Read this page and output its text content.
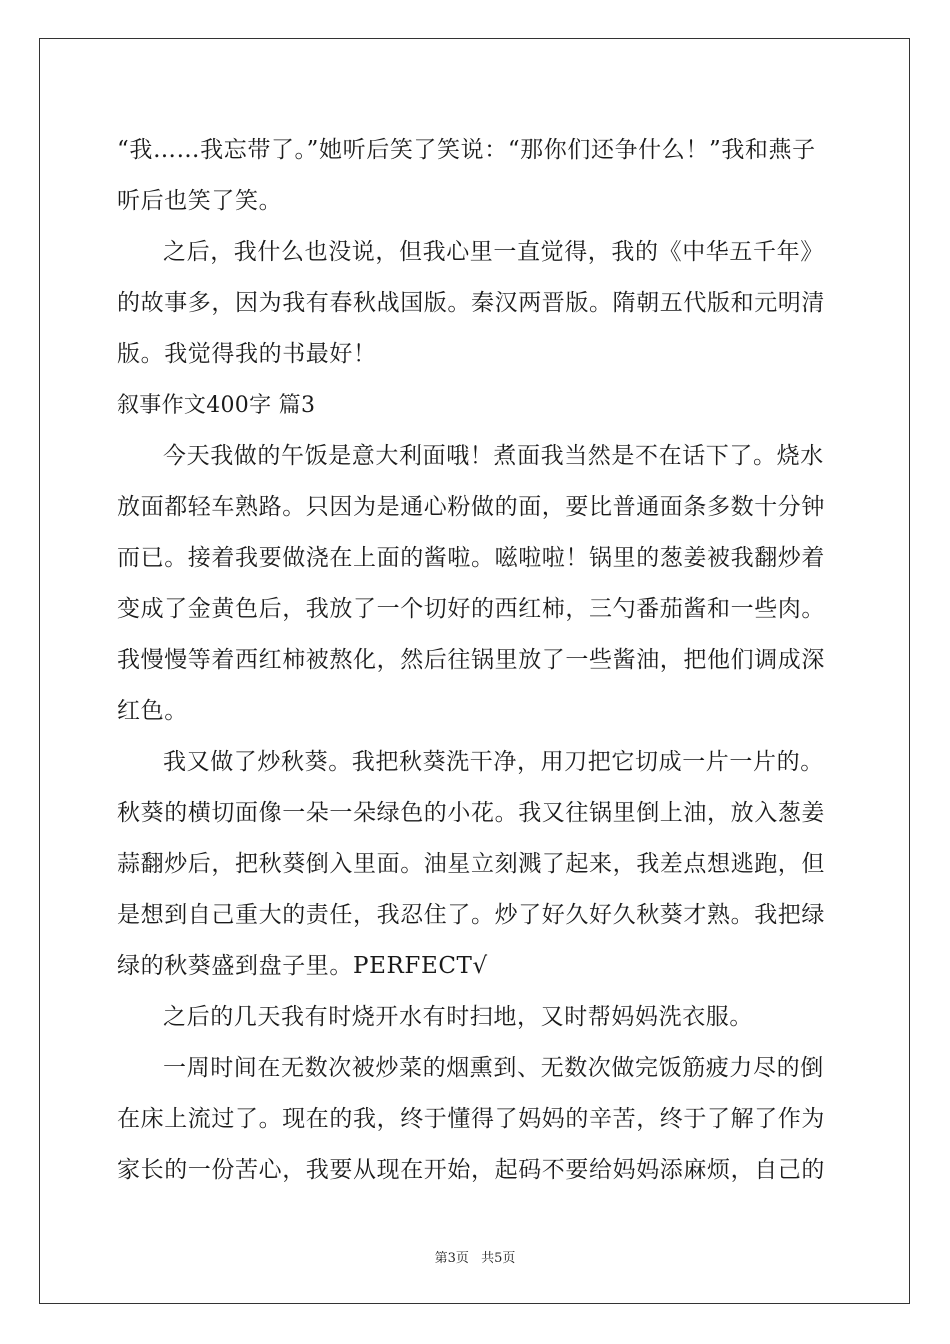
“我……我忘带了。”她听后笑了笑说：“那你们还争什么！”我和燕子听后也笑了笑。

之后，我什么也没说，但我心里一直觉得，我的《中华五千年》的故事多，因为我有春秋战国版。秦汉两晋版。隋朝五代版和元明清版。我觉得我的书最好！

叙事作文400字 篇3

今天我做的午饭是意大利面哦！煮面我当然是不在话下了。烧水放面都轻车熟路。只因为是通心粉做的面，要比普通面条多数十分钟而已。接着我要做浇在上面的酱啦。嗞啦啦！锅里的葱姜被我翻炒着变成了金黄色后，我放了一个切好的西红柿，三勺番茄酱和一些肉。我慢慢等着西红柿被熬化，然后往锅里放了一些酱油，把他们调成深红色。

我又做了炒秋葵。我把秋葵洗干净，用刀把它切成一片一片的。秋葵的横切面像一朵一朵绿色的小花。我又往锅里倒上油，放入葱姜蒜翻炒后，把秋葵倒入里面。油星立刻溅了起来，我差点想逃跑，但是想到自己重大的责任，我忍住了。炒了好久好久秋葵才熟。我把绿绿的秋葵盛到盘子里。PERFECT√

之后的几天我有时烧开水有时扫地，又时帮妈妈洗衣服。

一周时间在无数次被炒菜的烟熏到、无数次做完饭筋疲力尽的倒在床上流过了。现在的我，终于懂得了妈妈的辛苦，终于了解了作为家长的一份苦心，我要从现在开始，起码不要给妈妈添麻烦，自己的

第3页 共5页
